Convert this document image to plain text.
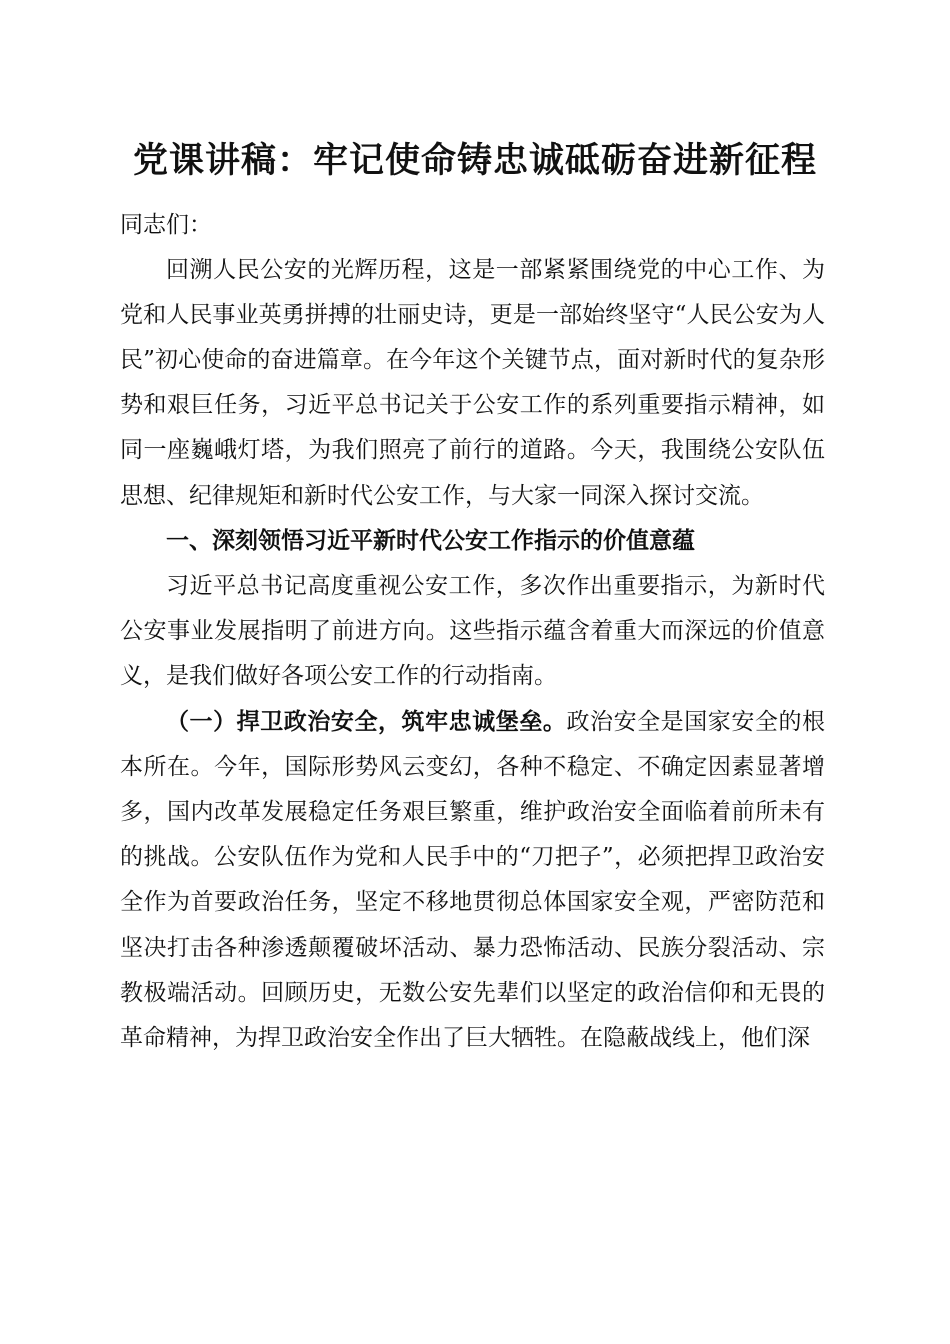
党课讲稿：牢记使命铸忠诚砥砺奋进新征程

同志们：

回溯人民公安的光辉历程，这是一部紧紧围绕党的中心工作、为党和人民事业英勇拼搏的壮丽史诗，更是一部始终坚守“人民公安为人民”初心使命的奋进篇章。在今年这个关键节点，面对新时代的复杂形势和艰巨任务，习近平总书记关于公安工作的系列重要指示精神，如同一座巍峨灯塔，为我们照亮了前行的道路。今天，我围绕公安队伍思想、纪律规矩和新时代公安工作，与大家一同深入探讨交流。

一、深刻领悟习近平新时代公安工作指示的价值意蕴

习近平总书记高度重视公安工作，多次作出重要指示，为新时代公安事业发展指明了前进方向。这些指示蕴含着重大而深远的价值意义，是我们做好各项公安工作的行动指南。

（一）捍卫政治安全，筑牢忠诚堡垒。政治安全是国家安全的根本所在。今年，国际形势风云变幻，各种不稳定、不确定因素显著增多，国内改革发展稳定任务艰巨繁重，维护政治安全面临着前所未有的挑战。公安队伍作为党和人民手中的“刀把子”，必须把捍卫政治安全作为首要政治任务，坚定不移地贯彻总体国家安全观，严密防范和坚决打击各种渗透颠覆破坏活动、暴力恐怖活动、民族分裂活动、宗教极端活动。回顾历史，无数公安先辈们以坚定的政治信仰和无畏的革命精神，为捍卫政治安全作出了巨大牺牲。在隐蔽战线上，他们深
